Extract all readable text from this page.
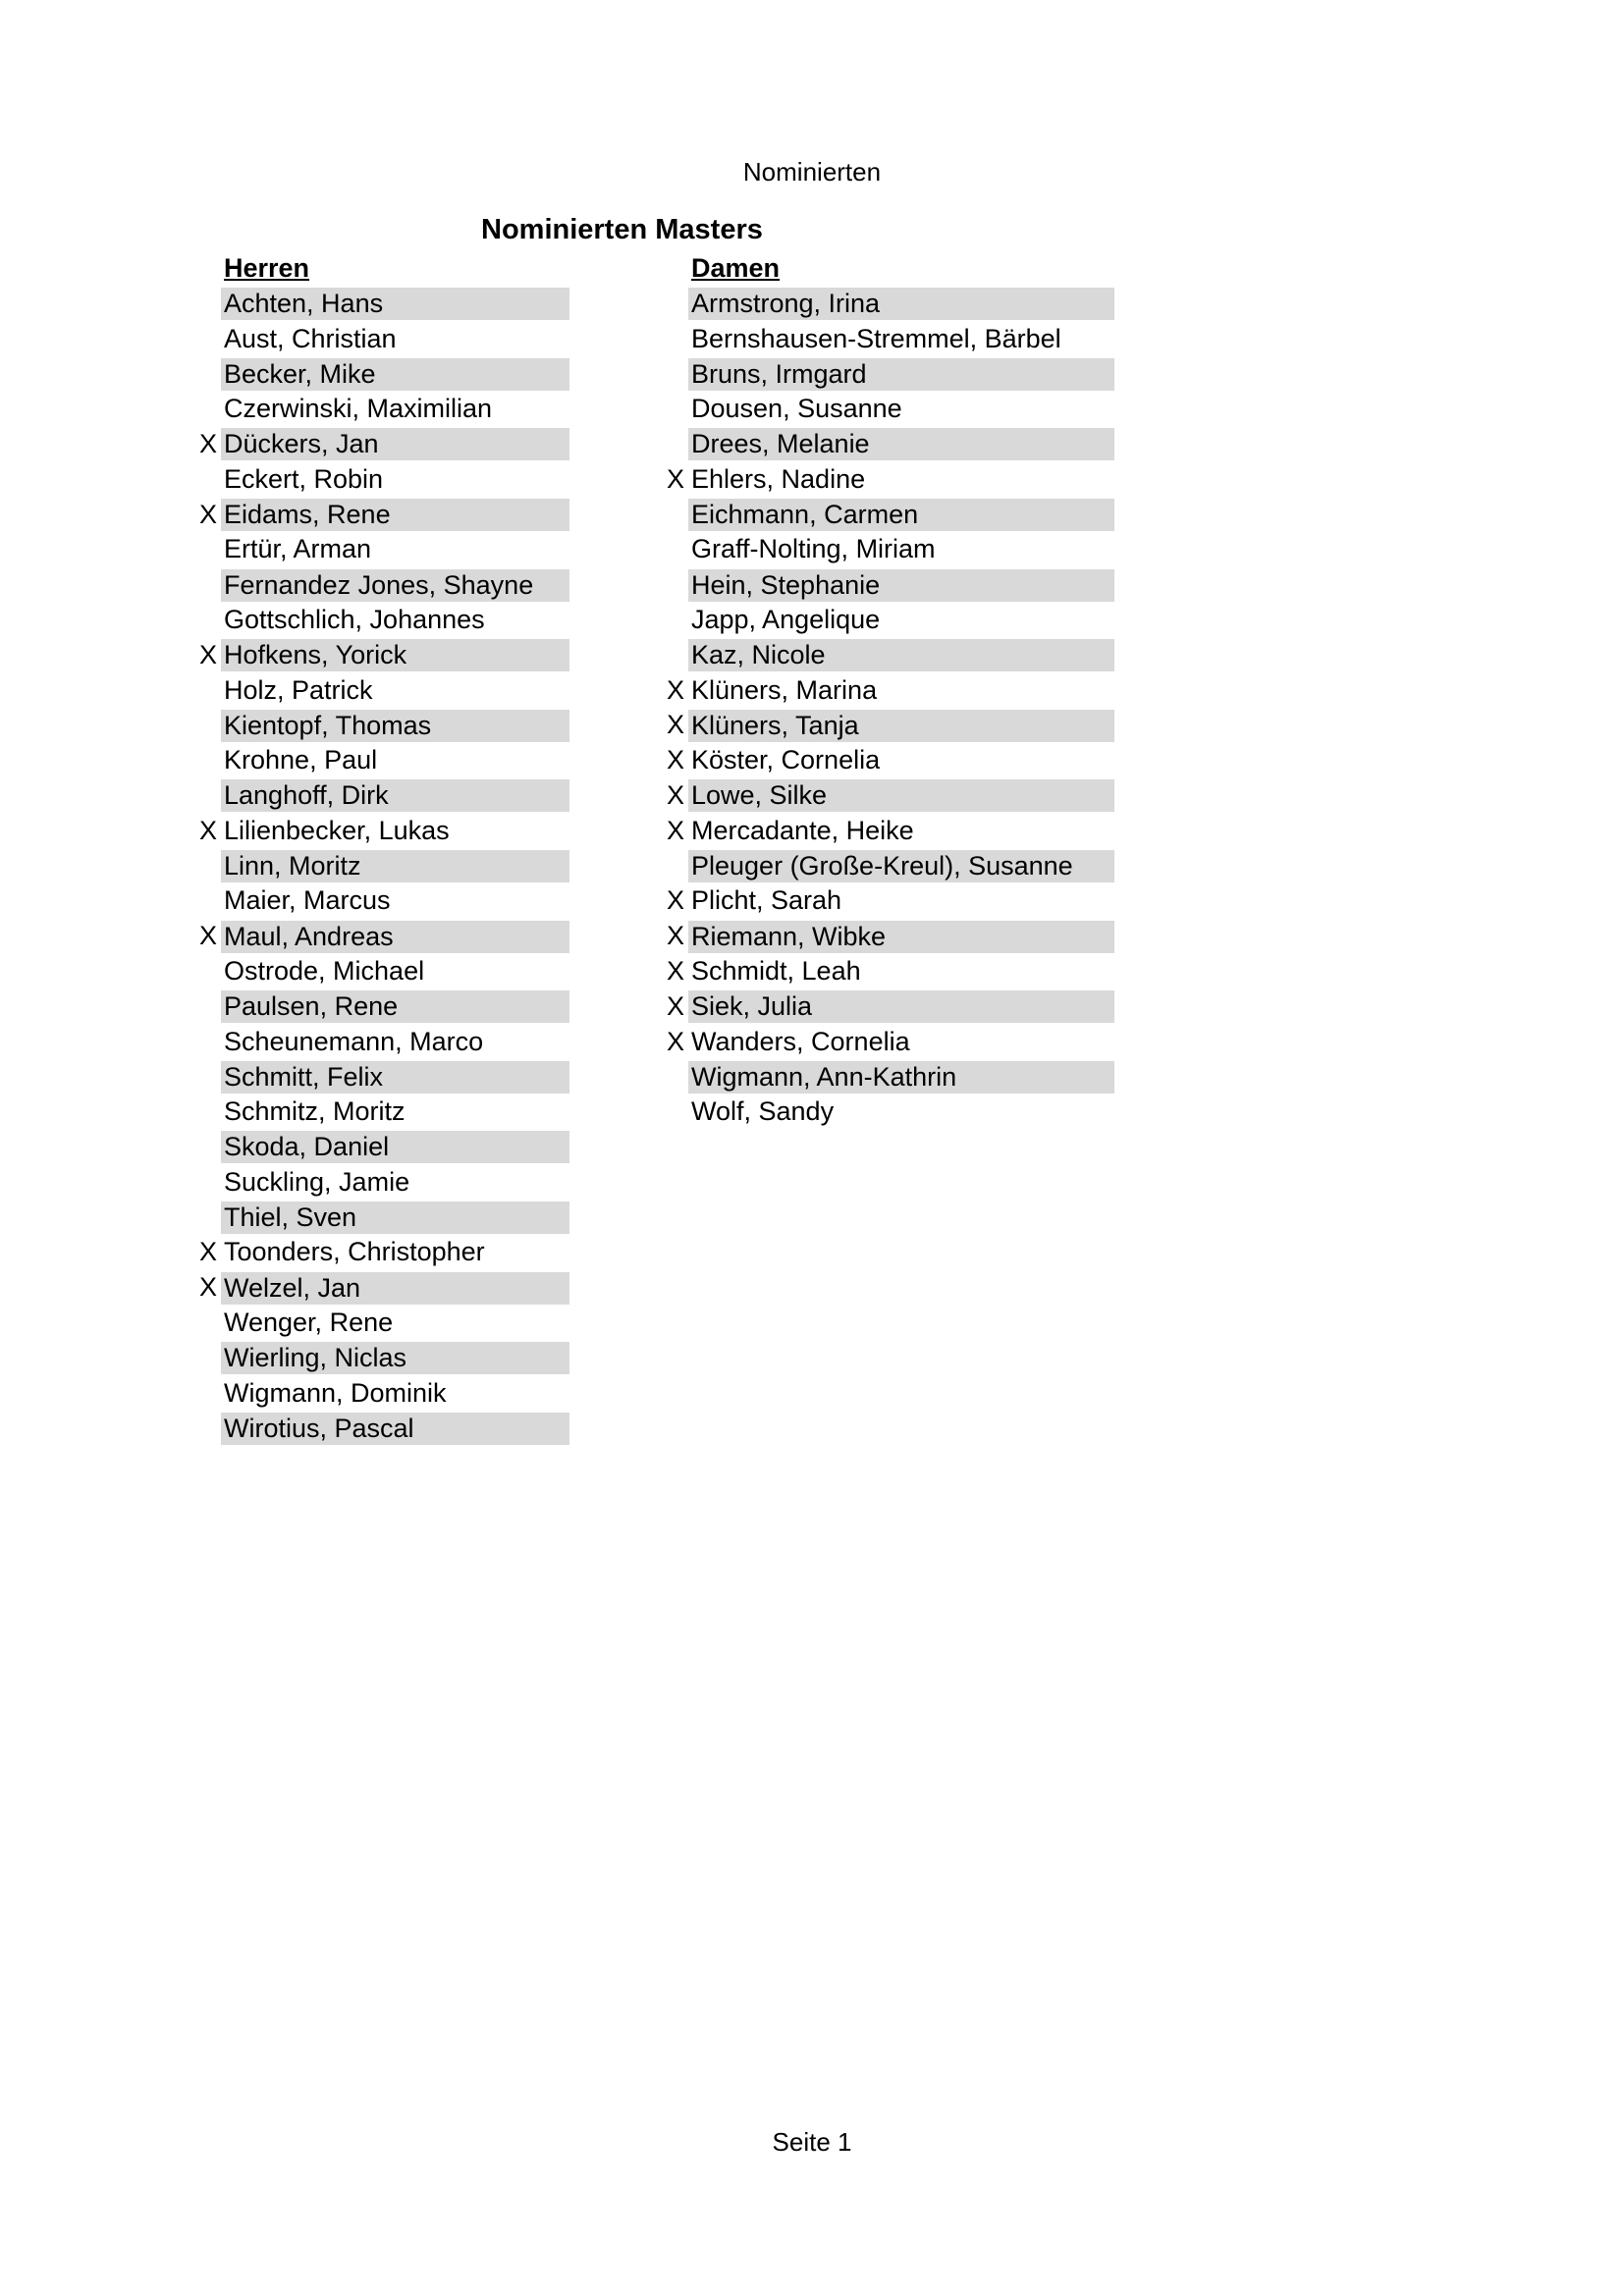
Nominierten
Nominierten Masters
Herren
Achten, Hans
Aust, Christian
Becker, Mike
Czerwinski, Maximilian
X Dückers, Jan
Eckert, Robin
X Eidams, Rene
Ertür, Arman
Fernandez Jones, Shayne
Gottschlich, Johannes
X Hofkens, Yorick
Holz, Patrick
Kientopf, Thomas
Krohne, Paul
Langhoff, Dirk
X Lilienbecker, Lukas
Linn, Moritz
Maier, Marcus
X Maul, Andreas
Ostrode, Michael
Paulsen, Rene
Scheunemann, Marco
Schmitt, Felix
Schmitz, Moritz
Skoda, Daniel
Suckling, Jamie
Thiel, Sven
X Toonders, Christopher
X Welzel, Jan
Wenger, Rene
Wierling, Niclas
Wigmann, Dominik
Wirotius, Pascal
Damen
Armstrong, Irina
Bernshausen-Stremmel, Bärbel
Bruns, Irmgard
Dousen, Susanne
Drees, Melanie
X Ehlers, Nadine
Eichmann, Carmen
Graff-Nolting, Miriam
Hein, Stephanie
Japp, Angelique
Kaz, Nicole
X Klüners, Marina
X Klüners, Tanja
X Köster, Cornelia
X Lowe, Silke
X Mercadante, Heike
Pleuger (Große-Kreul), Susanne
X Plicht, Sarah
X Riemann, Wibke
X Schmidt, Leah
X Siek, Julia
X Wanders, Cornelia
Wigmann, Ann-Kathrin
Wolf, Sandy
Seite 1
